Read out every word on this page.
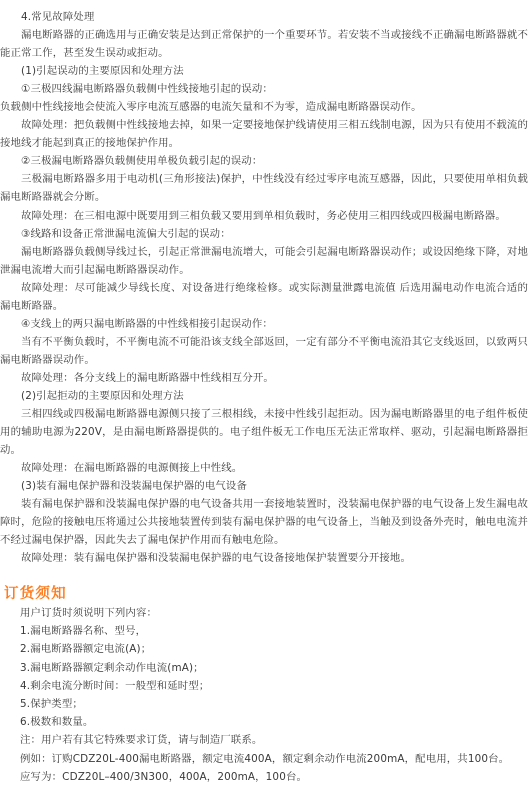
4.常见故障处理

漏电断路器的正确选用与正确安装是达到正常保护的一个重要环节。若安装不当或接线不正确漏电断路器就不能正常工作，甚至发生误动或拒动。

(1)引起误动的主要原因和处理方法

①三极四线漏电断路器负载侧中性线接地引起的误动：

负载侧中性线接地会使流入零序电流互感器的电流矢量和不为零，造成漏电断路器误动作。

故障处理：把负载侧中性线接地去掉，如果一定要接地保护线请使用三相五线制电源，因为只有使用不载流的接地线才能起到真正的接地保护作用。

②三极漏电断路器负载侧使用单极负载引起的误动：

三极漏电断路器多用于电动机(三角形接法)保护，中性线没有经过零序电流互感器，因此，只要使用单相负载漏电断路器就会分断。

故障处理：在三相电源中既要用到三相负载又要用到单相负载时，务必使用三相四线或四极漏电断路器。

③线路和设备正常泄漏电流偏大引起的误动：

漏电断路器负载侧导线过长，引起正常泄漏电流增大，可能会引起漏电断路器误动作；或设因绝缘下降，对地泄漏电流增大而引起漏电断路器误动作。

故障处理：尽可能减少导线长度、对设备进行绝缘检修。或实际测量泄露电流值 后选用漏电动作电流合适的漏电断路器。

④支线上的两只漏电断路器的中性线相接引起误动作：

当有不平衡负载时，不平衡电流不可能沿该支线全部返回，一定有部分不平衡电流沿其它支线返回，以致两只漏电断路器误动作。

故障处理：各分支线上的漏电断路器中性线相互分开。

(2)引起拒动的主要原因和处理方法

三相四线或四极漏电断路器电源侧只接了三根相线，未接中性线引起拒动。因为漏电断路器里的电子组件板使用的辅助电源为220V，是由漏电断路器提供的。电子组件板无工作电压无法正常取样、驱动，引起漏电断路器拒动。

故障处理：在漏电断路器的电源侧接上中性线。

(3)装有漏电保护器和没装漏电保护器的电气设备

装有漏电保护器和没装漏电保护器的电气设备共用一套接地装置时，没装漏电保护器的电气设备上发生漏电故障时，危险的接触电压将通过公共接地装置传到装有漏电保护器的电气设备上，当触及到设备外壳时，触电电流并不经过漏电保护器，因此失去了漏电保护作用而有触电危险。

故障处理：装有漏电保护器和没装漏电保护器的电气设备接地保护装置要分开接地。

订货须知

用户订货时须说明下列内容：

1.漏电断路器名称、型号，

2.漏电断路器额定电流(A)；

3.漏电断路器额定剩余动作电流(mA)；

4.剩余电流分断时间：一般型和延时型；

5.保护类型；

6.极数和数量。

注：用户若有其它特殊要求订货，请与制造厂联系。

例如：订购CDZ20L-400漏电断路器，额定电流400A，额定剩余动作电流200mA，配电用，共100台。

应写为：CDZ20L–400/3N300，400A，200mA，100台。
